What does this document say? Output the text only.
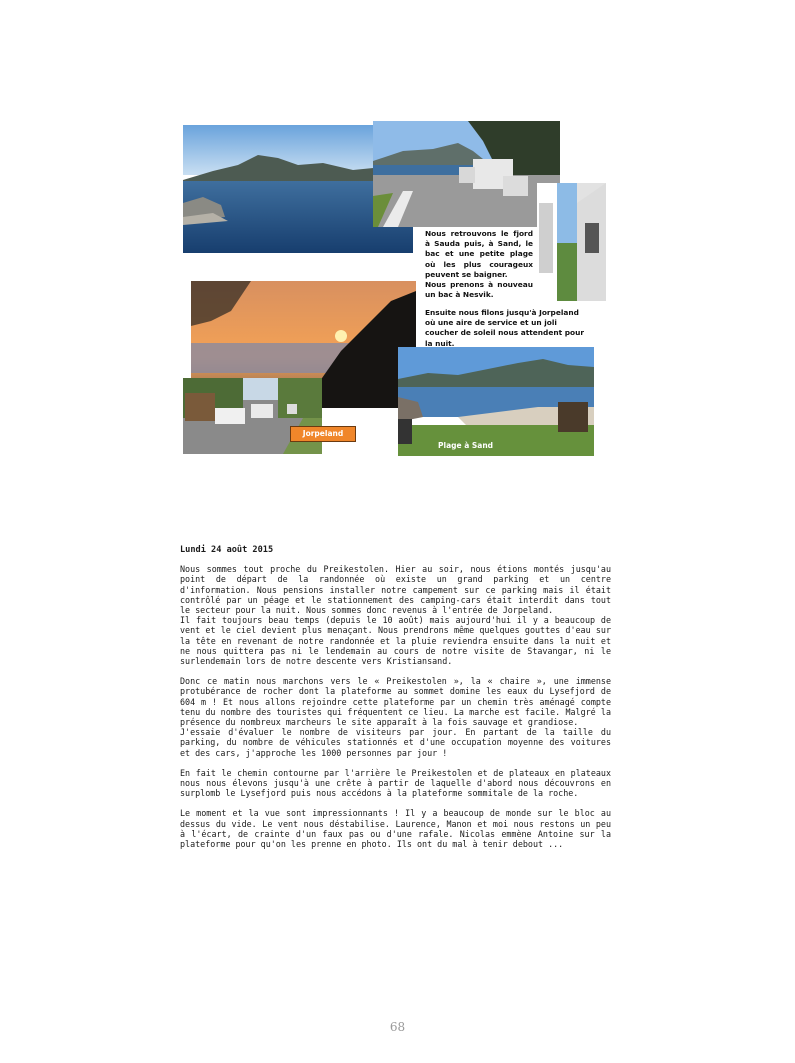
Nous retrouvons le fjord à Sauda puis, à Sand, le bac et une petite plage où les plus courageux peuvent se baigner.

Nous prenons à nouveau un bac à Nesvik.

Ensuite nous filons jusqu'à Jorpeland où une aire de service et un joli coucher de soleil nous attendent pour la nuit.
Jorpeland
Plage à Sand
Lundi 24 août 2015

Nous sommes tout proche du Preikestolen. Hier au soir, nous étions montés jusqu'au point de départ de la randonnée où existe un grand parking et un centre d'information. Nous pensions installer notre campement sur ce parking mais il était contrôlé par un péage et le stationnement des camping-cars était interdit dans tout le secteur pour la nuit. Nous sommes donc revenus à l'entrée de Jorpeland.

Il fait toujours beau temps (depuis le 10 août) mais aujourd'hui il y a beaucoup de vent et le ciel devient plus menaçant. Nous prendrons même quelques gouttes d'eau sur la tête en revenant de notre randonnée et la pluie reviendra ensuite dans la nuit et ne nous quittera pas ni le lendemain au cours de notre visite de Stavangar, ni le surlendemain lors de notre descente vers Kristiansand.

Donc ce matin nous marchons vers le « Preikestolen », la « chaire », une immense protubérance de rocher dont la plateforme au sommet domine les eaux du Lysefjord de 604 m ! Et nous allons rejoindre cette plateforme par un chemin très aménagé compte tenu du nombre des touristes qui fréquentent ce lieu. La marche est facile. Malgré la présence du nombreux marcheurs le site apparaît à la fois sauvage et grandiose.

J'essaie d'évaluer le nombre de visiteurs par jour. En partant de la taille du parking, du nombre de véhicules stationnés et d'une occupation moyenne des voitures et des cars, j'approche les 1000 personnes par jour !

En fait le chemin contourne par l'arrière le Preikestolen et de plateaux en plateaux nous nous élevons jusqu'à une crête à partir de laquelle d'abord nous découvrons en surplomb le Lysefjord puis nous accédons à la plateforme sommitale de la roche.

Le moment et la vue sont impressionnants ! Il y a beaucoup de monde sur le bloc au dessus du vide. Le vent nous déstabilise. Laurence, Manon et moi nous restons un peu à l'écart, de crainte d'un faux pas ou d'une rafale. Nicolas emmène Antoine sur la plateforme pour qu'on les prenne en photo. Ils ont du mal à tenir debout ...

68
